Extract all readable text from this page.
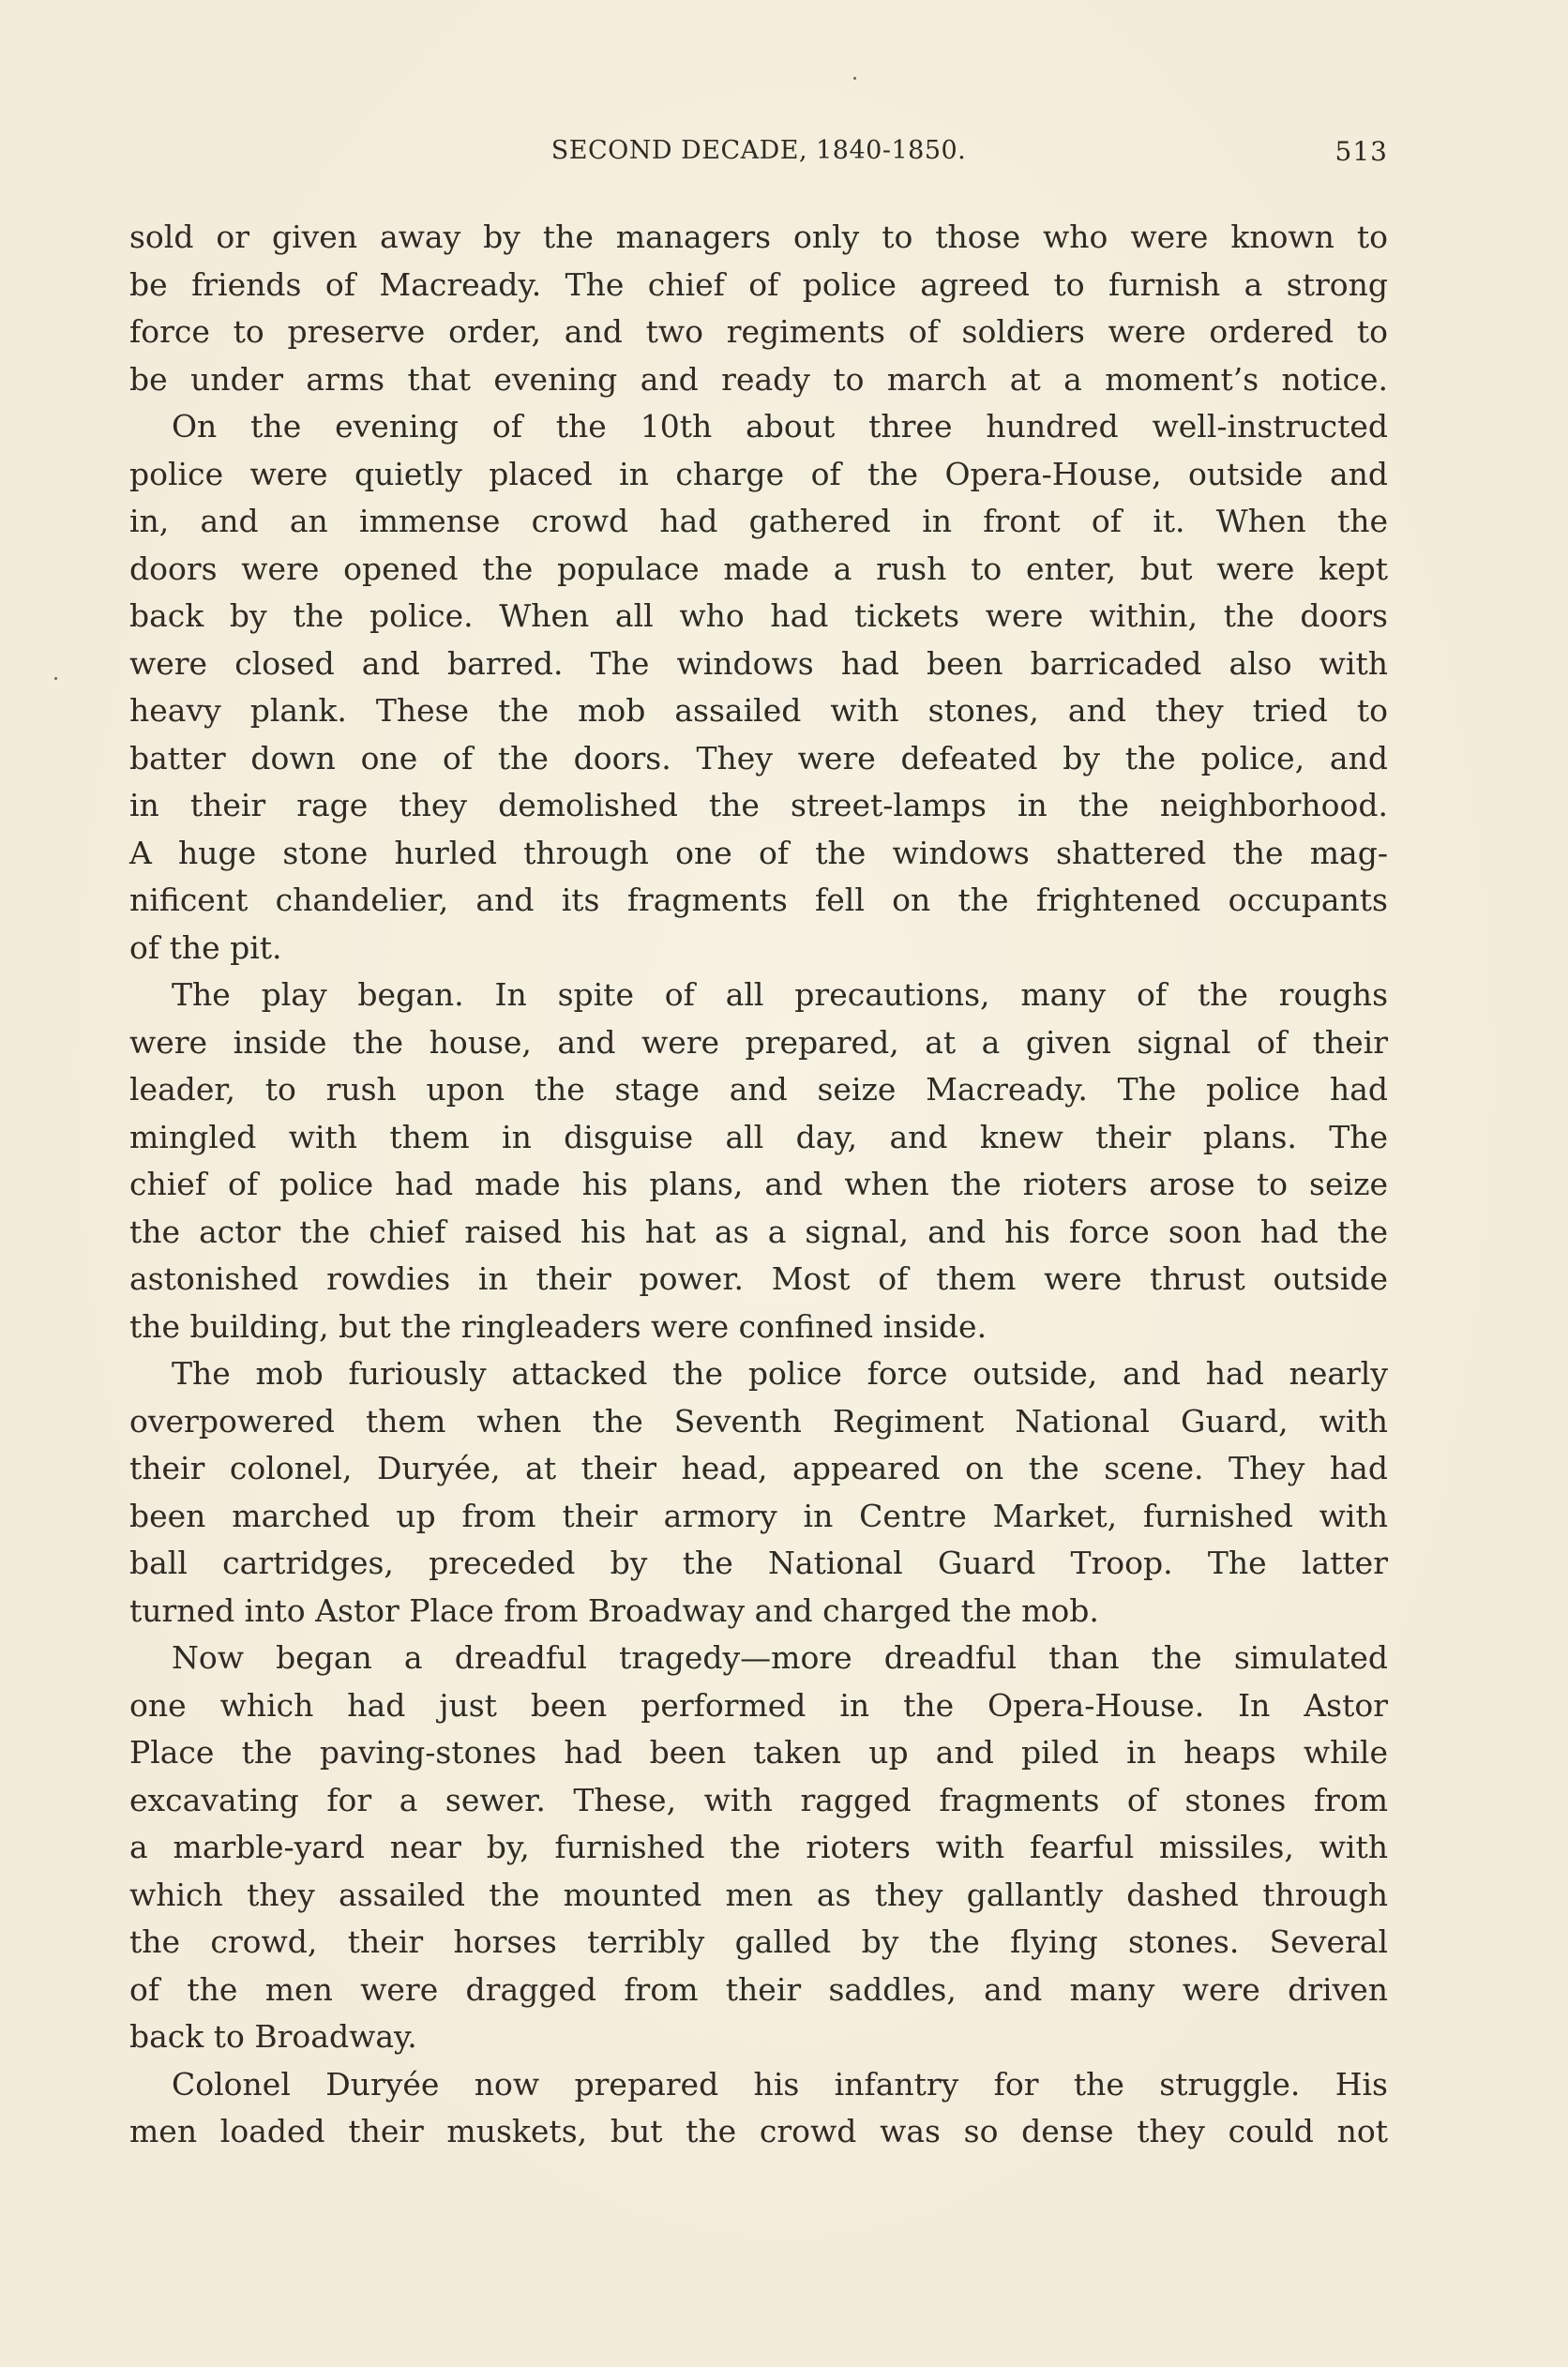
SECOND DECADE, 1840-1850.	513
sold or given away by the managers only to those who were known to
be friends of Macready. The chief of police agreed to furnish a strong
force to preserve order, and two regiments of soldiers were ordered to
be under arms that evening and ready to march at a moment’s notice.
On the evening of the 10th about three hundred well-instructed
police were quietly placed in charge of the Opera-House, outside and
in, and an immense crowd had gathered in front of it. When the
doors were opened the populace made a rush to enter, but were kept
back by the police. When all who had tickets were within, the doors
were closed and barred. The windows had been barricaded also with
heavy plank. These the mob assailed with stones, and they tried to
batter down one of the doors. They were defeated by the police, and
in their rage they demolished the street-lamps in the neighborhood.
A huge stone hurled through one of the windows shattered the mag-
nificent chandelier, and its fragments fell on the frightened occupants
of the pit.
The play began. In spite of all precautions, many of the roughs
were inside the house, and were prepared, at a given signal of their
leader, to rush upon the stage and seize Macready. The police had
mingled with them in disguise all day, and knew their plans. The
chief of police had made his plans, and when the rioters arose to seize
the actor the chief raised his hat as a signal, and his force soon had the
astonished rowdies in their power. Most of them were thrust outside
the building, but the ringleaders were confined inside.
The mob furiously attacked the police force outside, and had nearly
overpowered them when the Seventh Regiment National Guard, with
their colonel, Duryée, at their head, appeared on the scene. They had
been marched up from their armory in Centre Market, furnished with
ball cartridges, preceded by the National Guard Troop. The latter
turned into Astor Place from Broadway and charged the mob.
Now began a dreadful tragedy—more dreadful than the simulated
one which had just been performed in the Opera-House. In Astor
Place the paving-stones had been taken up and piled in heaps while
excavating for a sewer. These, with ragged fragments of stones from
a marble-yard near by, furnished the rioters with fearful missiles, with
which they assailed the mounted men as they gallantly dashed through
the crowd, their horses terribly galled by the flying stones. Several
of the men were dragged from their saddles, and many were driven
back to Broadway.
Colonel Duryée now prepared his infantry for the struggle. His
men loaded their muskets, but the crowd was so dense they could not
